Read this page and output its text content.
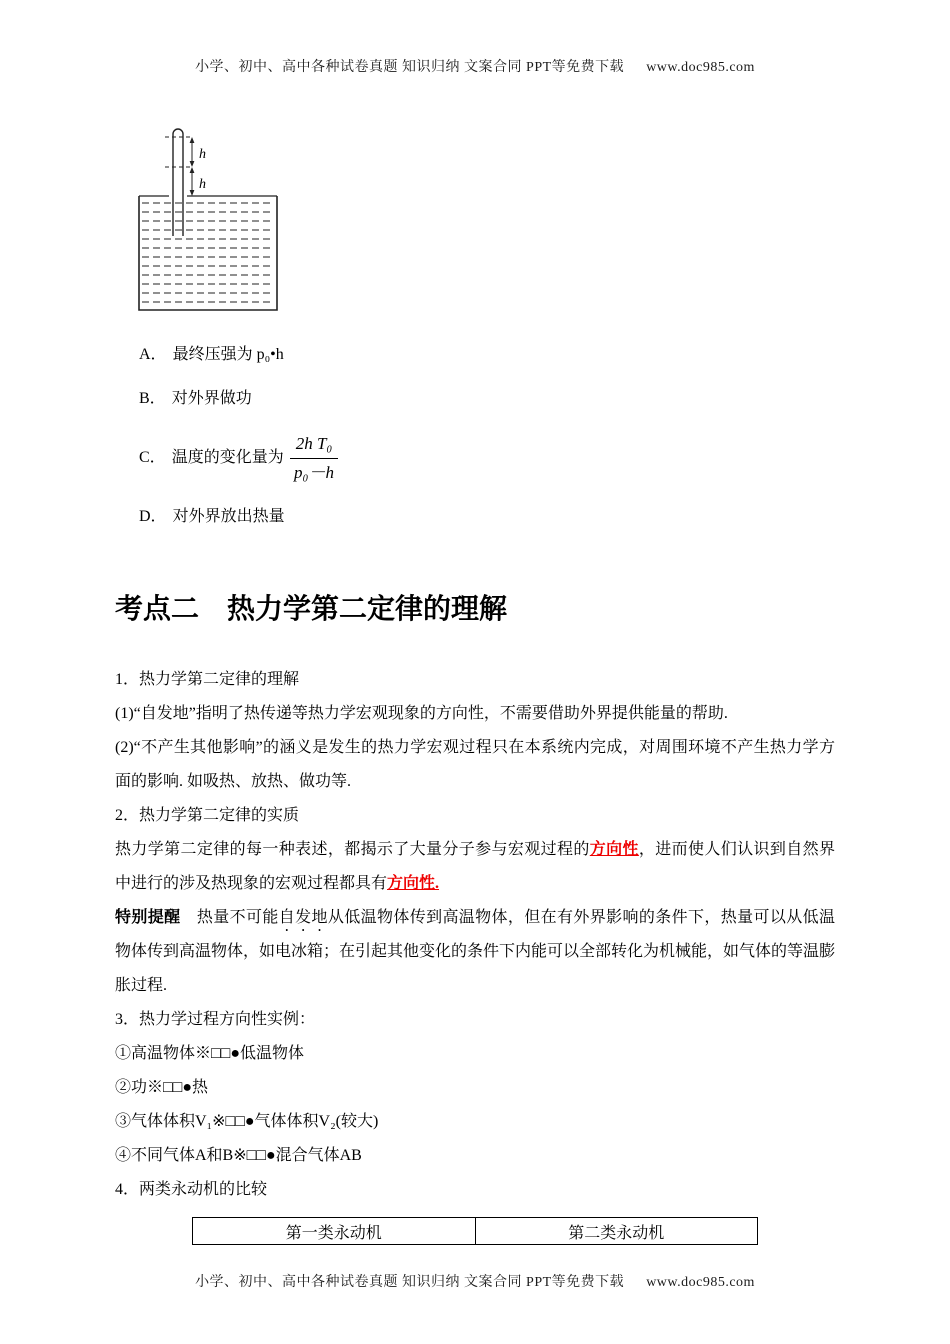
小学、初中、高中各种试卷真题 知识归纳 文案合同 PPT等免费下载 www.doc985.com
h
h

A． 最终压强为 p₀•h

B． 对外界做功

C． 温度的变化量为 $\frac{\text{2h T₀}}{\text{p₀－h}}$

D． 对外界放出热量

考点二　热力学第二定律的理解

1．热力学第二定律的理解

(1)“自发地”指明了热传递等热力学宏观现象的方向性，不需要借助外界提供能量的帮助.

(2)“不产生其他影响”的涵义是发生的热力学宏观过程只在本系统内完成，对周围环境不产生热力学方面的影响. 如吸热、放热、做功等.

2．热力学第二定律的实质

热力学第二定律的每一种表述，都揭示了大量分子参与宏观过程的方向性，进而使人们认识到自然界中进行的涉及热现象的宏观过程都具有方向性.

特别提醒　热量不可能自发地从低温物体传到高温物体，但在有外界影响的条件下，热量可以从低温物体传到高温物体，如电冰箱；在引起其他变化的条件下内能可以全部转化为机械能，如气体的等温膨胀过程.

3．热力学过程方向性实例：

①高温物体※□□●低温物体

②功※□□●热

③气体体积V₁※□□●气体体积V₂(较大)

④不同气体A和B※□□●混合气体AB

4．两类永动机的比较

第一类永动机	第二类永动机
小学、初中、高中各种试卷真题 知识归纳 文案合同 PPT等免费下载 www.doc985.com
